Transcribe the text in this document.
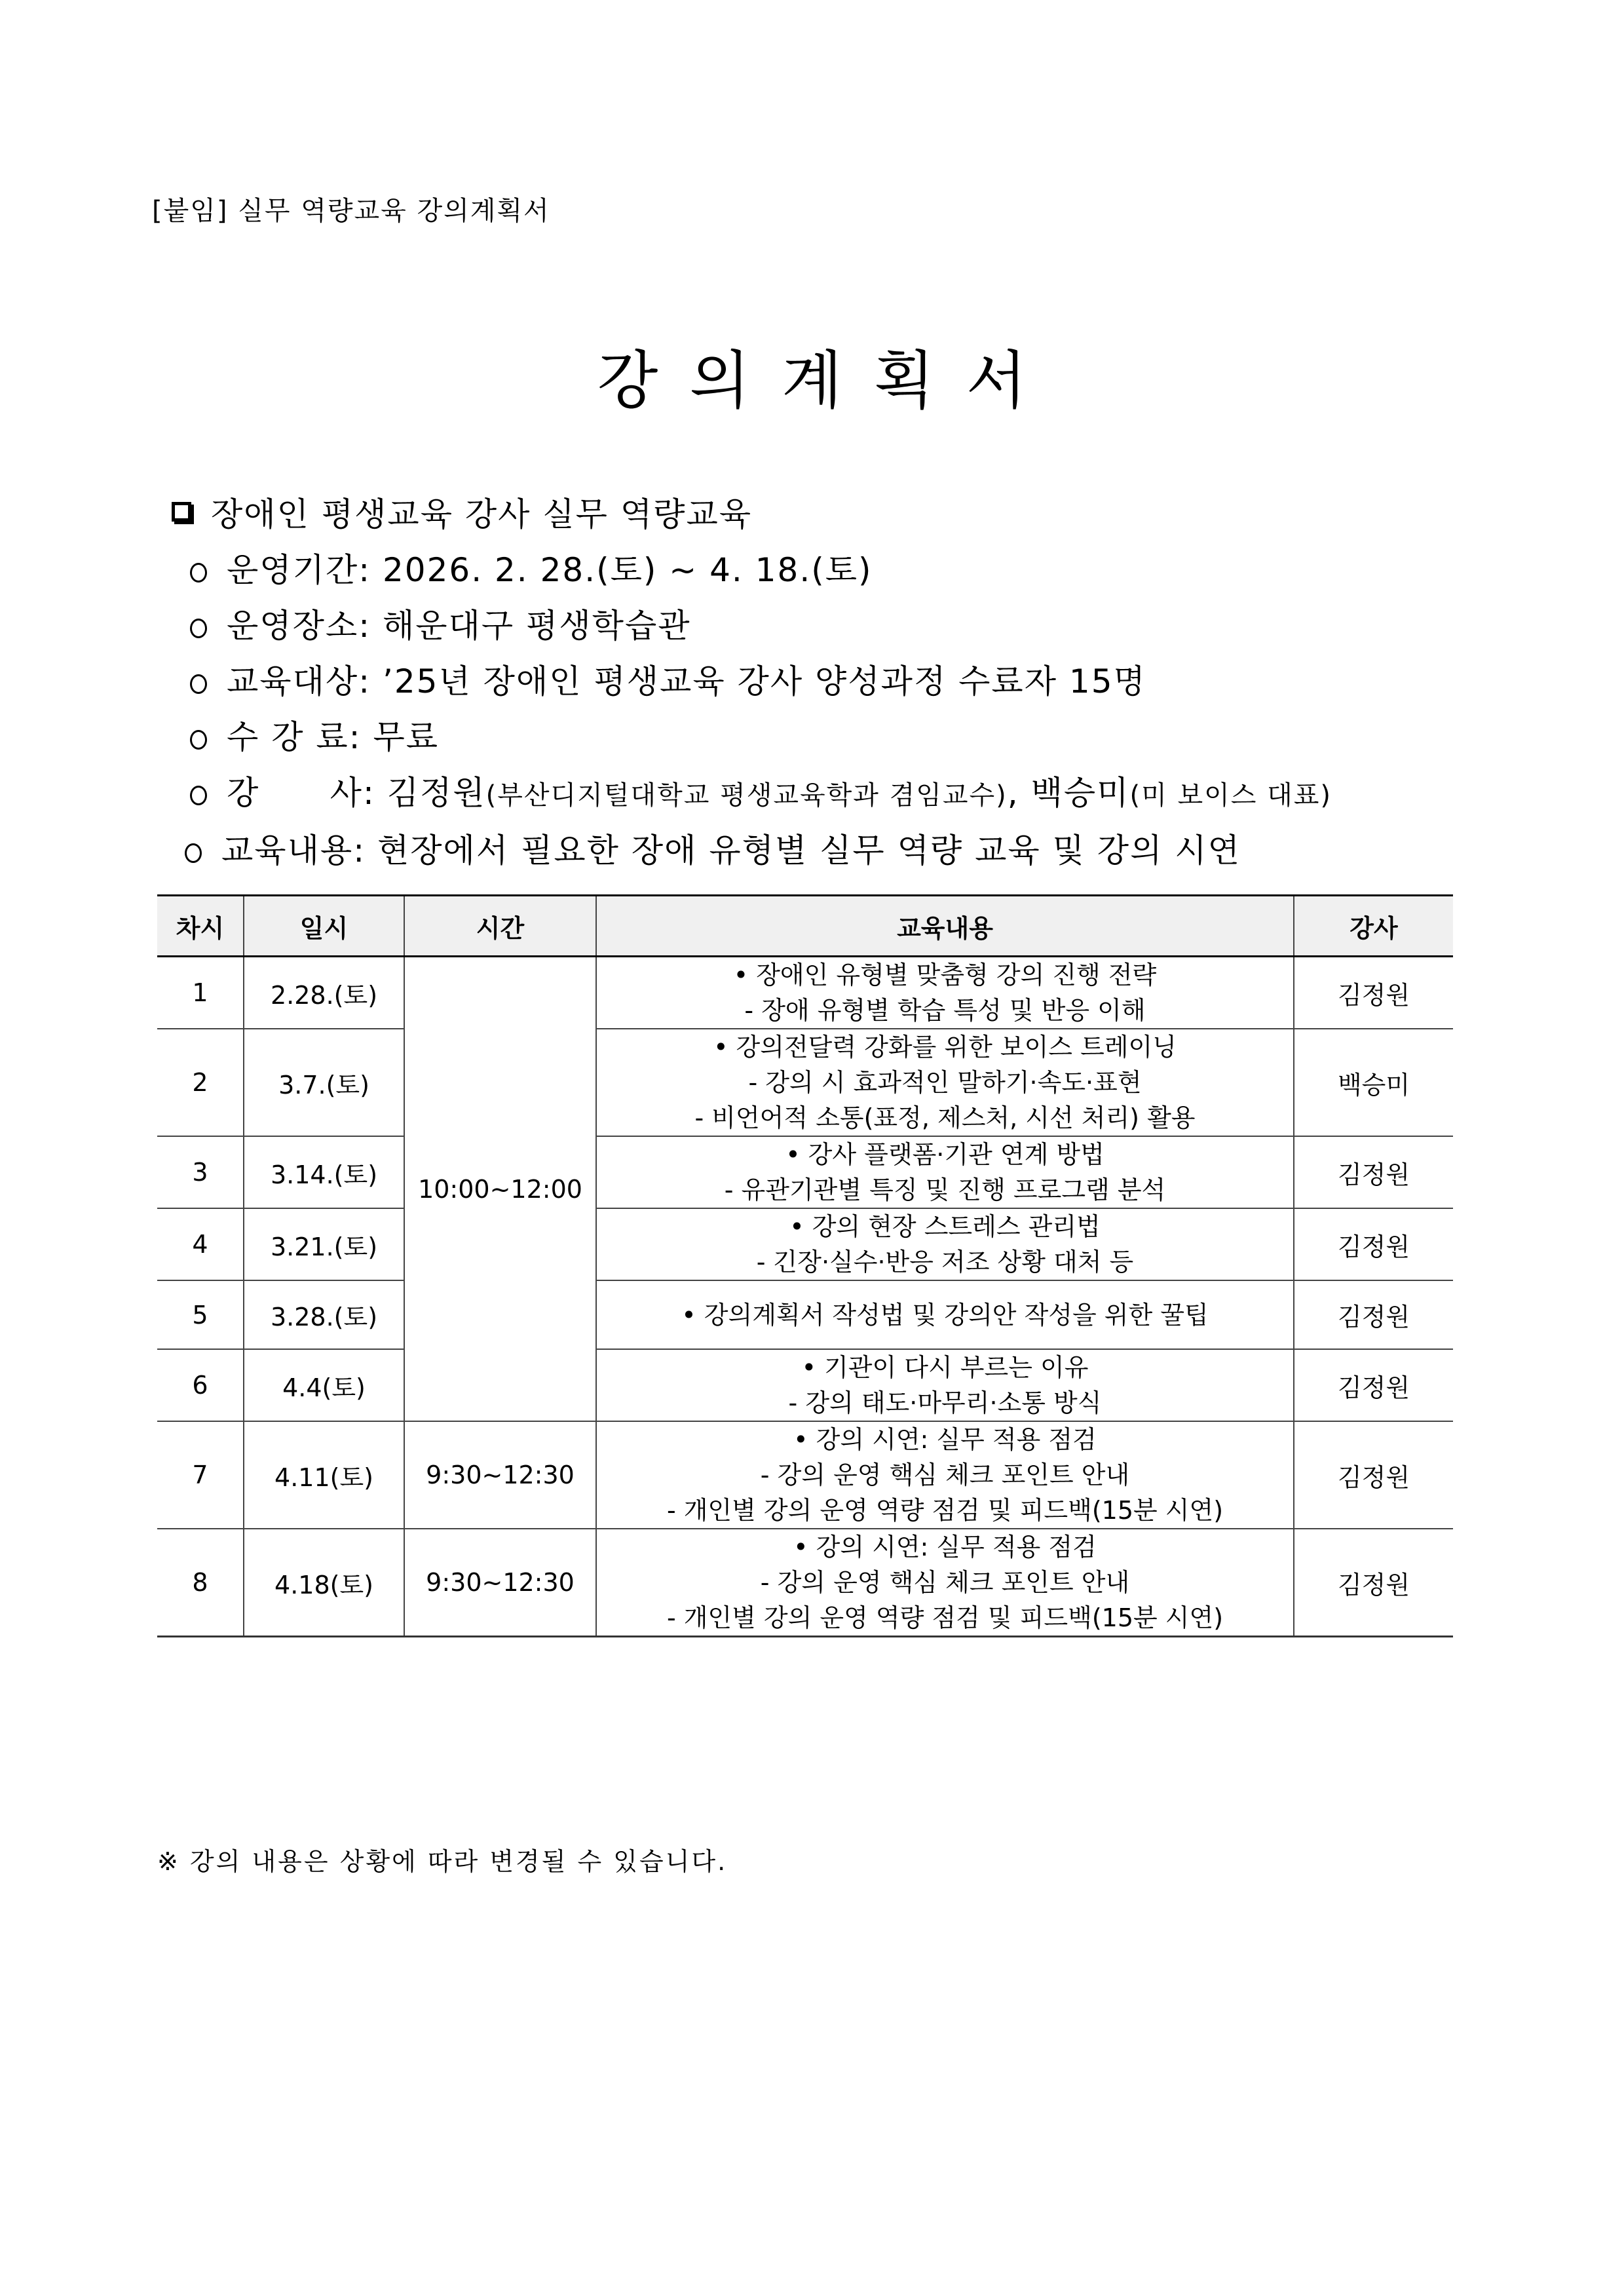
[붙임] 실무 역량교육 강의계획서
강의계획서
장애인 평생교육 강사 실무 역량교육
운영기간:
2026. 2. 28.(토) ~ 4. 18.(토)
운영장소:
해운대구 평생학습관
교육대상:
’25년 장애인 평생교육 강사 양성과정 수료자 15명
수 강 료:
무료
강      사:
김정원 (부산디지털대학교 평생교육학과 겸임교수) , 백승미 (미 보이스 대표)
교육내용:
현장에서 필요한 장애 유형별 실무 역량 교육 및 강의 시연
차시	일시	시간	교육내용	강사
1	2.28.(토)	10:00~12:00	• 장애인 유형별 맞춤형 강의 진행 전략
- 장애 유형별 학습 특성 및 반응 이해	김정원
2	3.7.(토)		• 강의전달력 강화를 위한 보이스 트레이닝
- 강의 시 효과적인 말하기·속도·표현
- 비언어적 소통(표정, 제스처, 시선 처리) 활용	백승미
3	3.14.(토)		• 강사 플랫폼·기관 연계 방법
- 유관기관별 특징 및 진행 프로그램 분석	김정원
4	3.21.(토)		• 강의 현장 스트레스 관리법
- 긴장·실수·반응 저조 상황 대처 등	김정원
5	3.28.(토)		• 강의계획서 작성법 및 강의안 작성을 위한 꿀팁	김정원
6	4.4(토)		• 기관이 다시 부르는 이유
- 강의 태도·마무리·소통 방식	김정원
7	4.11(토)	9:30~12:30	• 강의 시연: 실무 적용 점검
- 강의 운영 핵심 체크 포인트 안내
- 개인별 강의 운영 역량 점검 및 피드백(15분 시연)	김정원
8	4.18(토)	9:30~12:30	• 강의 시연: 실무 적용 점검
- 강의 운영 핵심 체크 포인트 안내
- 개인별 강의 운영 역량 점검 및 피드백(15분 시연)	김정원
※ 강의 내용은 상황에 따라 변경될 수 있습니다.
